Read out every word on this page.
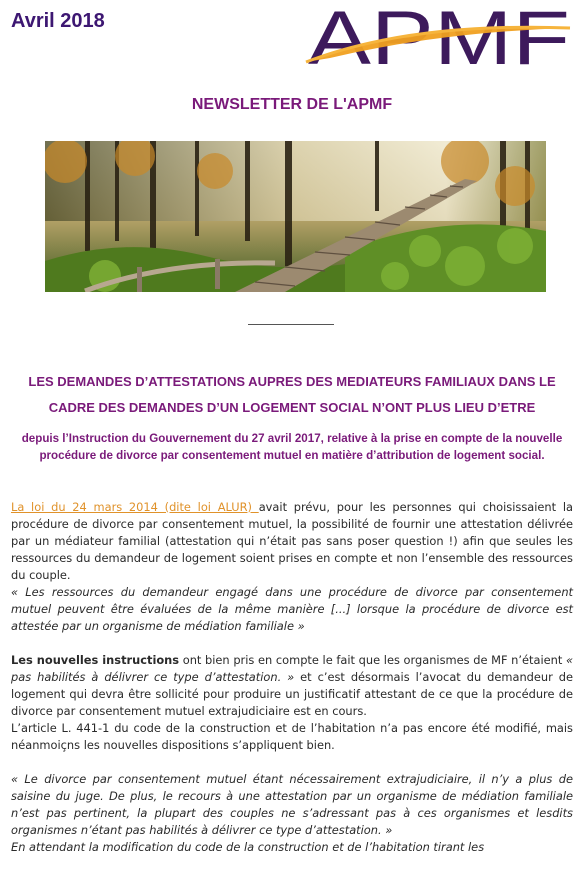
Avril 2018	APMF
NEWSLETTER DE L'APMF
LES DEMANDES D’ATTESTATIONS AUPRES DES MEDIATEURS FAMILIAUX DANS LE
CADRE DES DEMANDES D’UN LOGEMENT SOCIAL N’ONT PLUS LIEU D’ETRE
depuis l’Instruction du Gouvernement du 27 avril 2017, relative à la prise en compte de la nouvelle procédure de divorce par consentement mutuel en matière d’attribution de logement social.

La loi du 24 mars 2014 (dite loi ALUR) avait prévu, pour les personnes qui choisissaient la procédure de divorce par consentement mutuel, la possibilité de fournir une attestation délivrée par un médiateur familial (attestation qui n’était pas sans poser question !) afin que seules les ressources du demandeur de logement soient prises en compte et non l’ensemble des ressources du couple.

« Les ressources du demandeur engagé dans une procédure de divorce par consentement mutuel peuvent être évaluées de la même manière [...] lorsque la procédure de divorce est attestée par un organisme de médiation familiale »

Les nouvelles instructions ont bien pris en compte le fait que les organismes de MF n’étaient « pas habilités à délivrer ce type d’attestation. » et c’est désormais l’avocat du demandeur de logement qui devra être sollicité pour produire un justificatif attestant de ce que la procédure de divorce par consentement mutuel extrajudiciaire est en cours.

L’article L. 441-1 du code de la construction et de l’habitation n’a pas encore été modifié, mais néanmoiçns les nouvelles dispositions s’appliquent bien.

« Le divorce par consentement mutuel étant nécessairement extrajudiciaire, il n’y a plus de saisine du juge. De plus, le recours à une attestation par un organisme de médiation familiale n’est pas pertinent, la plupart des couples ne s’adressant pas à ces organismes et lesdits organismes n’étant pas habilités à délivrer ce type d’attestation. »

En attendant la modification du code de la construction et de l’habitation tirant les
